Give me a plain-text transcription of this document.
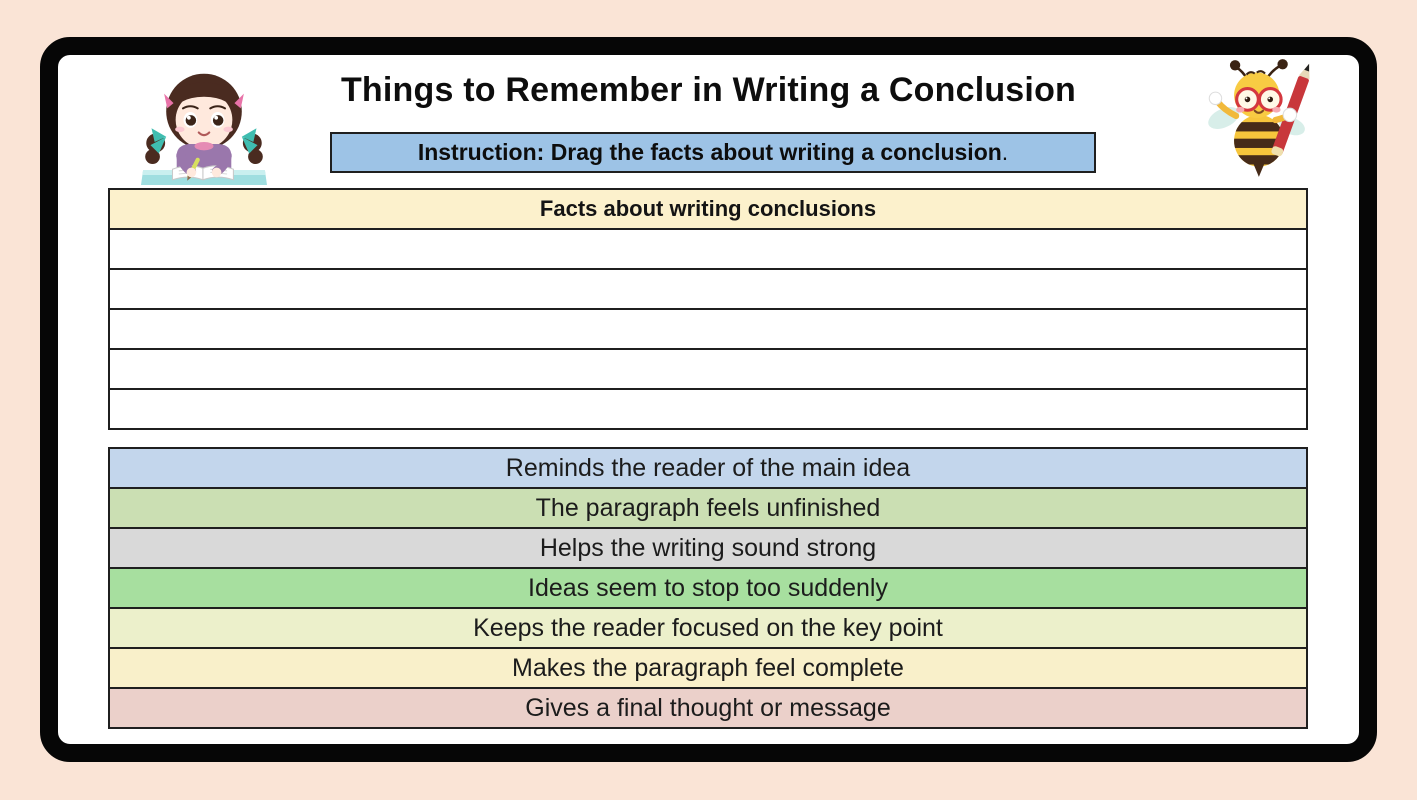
Things to Remember in Writing a Conclusion
Instruction: Drag the facts about writing a conclusion .
Facts about writing conclusions
Reminds the reader of the main idea
The paragraph feels unfinished
Helps the writing sound strong
Ideas seem to stop too suddenly
Keeps the reader focused on the key point
Makes the paragraph feel complete
Gives a final thought or message
